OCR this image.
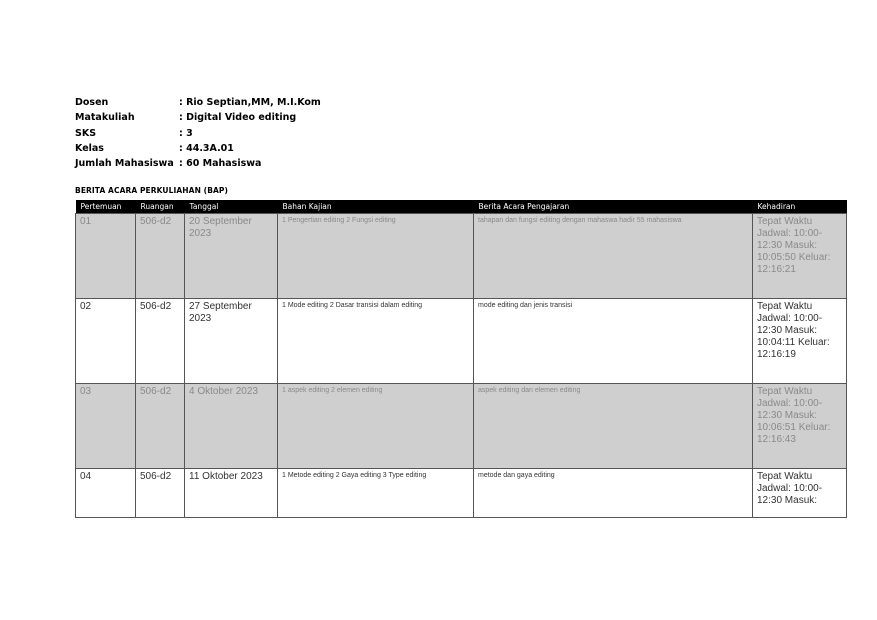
Dosen	: Rio Septian,MM, M.I.Kom
Matakuliah	: Digital Video editing
SKS	: 3
Kelas	: 44.3A.01
Jumlah Mahasiswa : 60 Mahasiswa
BERITA ACARA PERKULIAHAN (BAP)
Pertemuan	Ruangan	Tanggal	Bahan Kajian	Berita Acara Pengajaran	Kehadiran
01	506-d2	20 September 2023	1 Pengertian editing 2 Fungsi editing	tahapan dan fungsi editing dengan mahaswa hadir 55 mahasiswa	Tepat Waktu Jadwal: 10:00-12:30 Masuk: 10:05:50 Keluar: 12:16:21
02	506-d2	27 September 2023	1 Mode editing 2 Dasar transisi dalam editing	mode editing dan jenis transisi	Tepat Waktu Jadwal: 10:00-12:30 Masuk: 10:04:11 Keluar: 12:16:19
03	506-d2	4 Oktober 2023	1 aspek editing 2 elemen editing	aspek editing dan elemen editing	Tepat Waktu Jadwal: 10:00-12:30 Masuk: 10:06:51 Keluar: 12:16:43
04	506-d2	11 Oktober 2023	1 Metode editing 2 Gaya editing 3 Type editing	metode dan gaya editing	Tepat Waktu Jadwal: 10:00-12:30 Masuk:
